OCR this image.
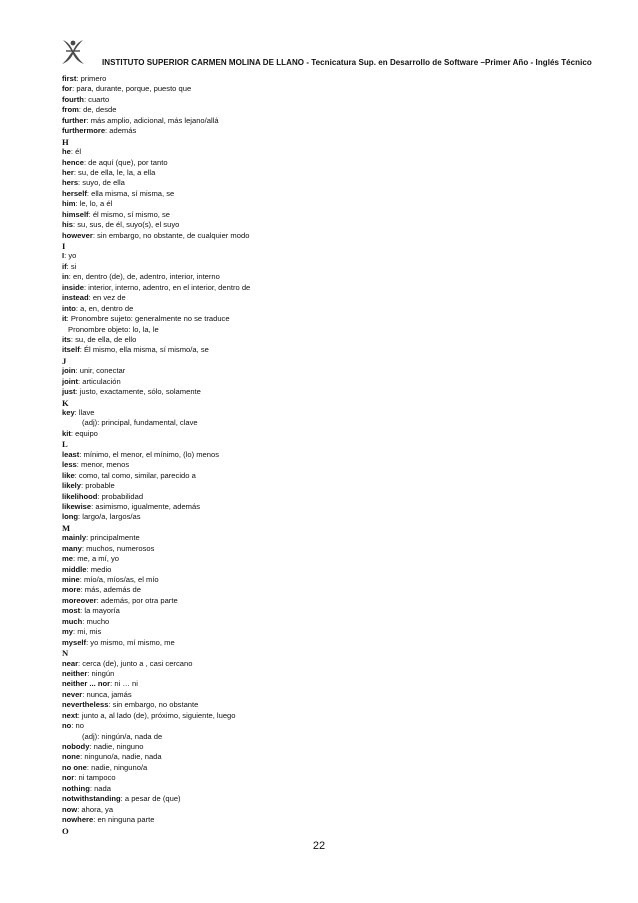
INSTITUTO SUPERIOR CARMEN MOLINA DE LLANO - Tecnicatura Sup. en Desarrollo de Software –Primer Año - Inglés Técnico
first: primero
for: para, durante, porque, puesto que
fourth: cuarto
from: de, desde
further: más amplio, adicional, más lejano/allá
furthermore: además
H
he: él
hence: de aquí (que), por tanto
her: su, de ella, le, la, a ella
hers: suyo, de ella
herself: ella misma, sí misma, se
him: le, lo, a él
himself: él mismo, sí mismo, se
his: su, sus, de él, suyo(s), el suyo
however: sin embargo, no obstante, de cualquier modo
I
I: yo
if: si
in: en, dentro (de), de, adentro, interior, interno
inside: interior, interno, adentro, en el interior, dentro de
instead: en vez de
into: a, en, dentro de
it: Pronombre sujeto: generalmente no se traduce
Pronombre objeto: lo, la, le
its: su, de ella, de ello
itself: Él mismo, ella misma, sí mismo/a, se
J
join: unir, conectar
joint: articulación
just: justo, exactamente, sólo, solamente
K
key: llave
(adj): principal, fundamental, clave
kit: equipo
L
least: mínimo, el menor, el mínimo, (lo) menos
less: menor, menos
like: como, tal como, similar, parecido a
likely: probable
likelihood: probabilidad
likewise: asimismo, igualmente, además
long: largo/a, largos/as
M
mainly: principalmente
many: muchos, numerosos
me: me, a mí, yo
middle: medio
mine: mío/a, míos/as, el mío
more: más, además de
moreover: además, por otra parte
most: la mayoría
much: mucho
my: mi, mis
myself: yo mismo, mí mismo, me
N
near: cerca (de), junto a , casi cercano
neither: ningún
neither ... nor: ni … ni
never: nunca, jamás
nevertheless: sin embargo, no obstante
next: junto a, al lado (de), próximo, siguiente, luego
no: no
(adj): ningún/a, nada de
nobody: nadie, ninguno
none: ninguno/a, nadie, nada
no one: nadie, ninguno/a
nor: ni tampoco
nothing: nada
notwithstanding: a pesar de (que)
now: ahora, ya
nowhere: en ninguna parte
O
22
